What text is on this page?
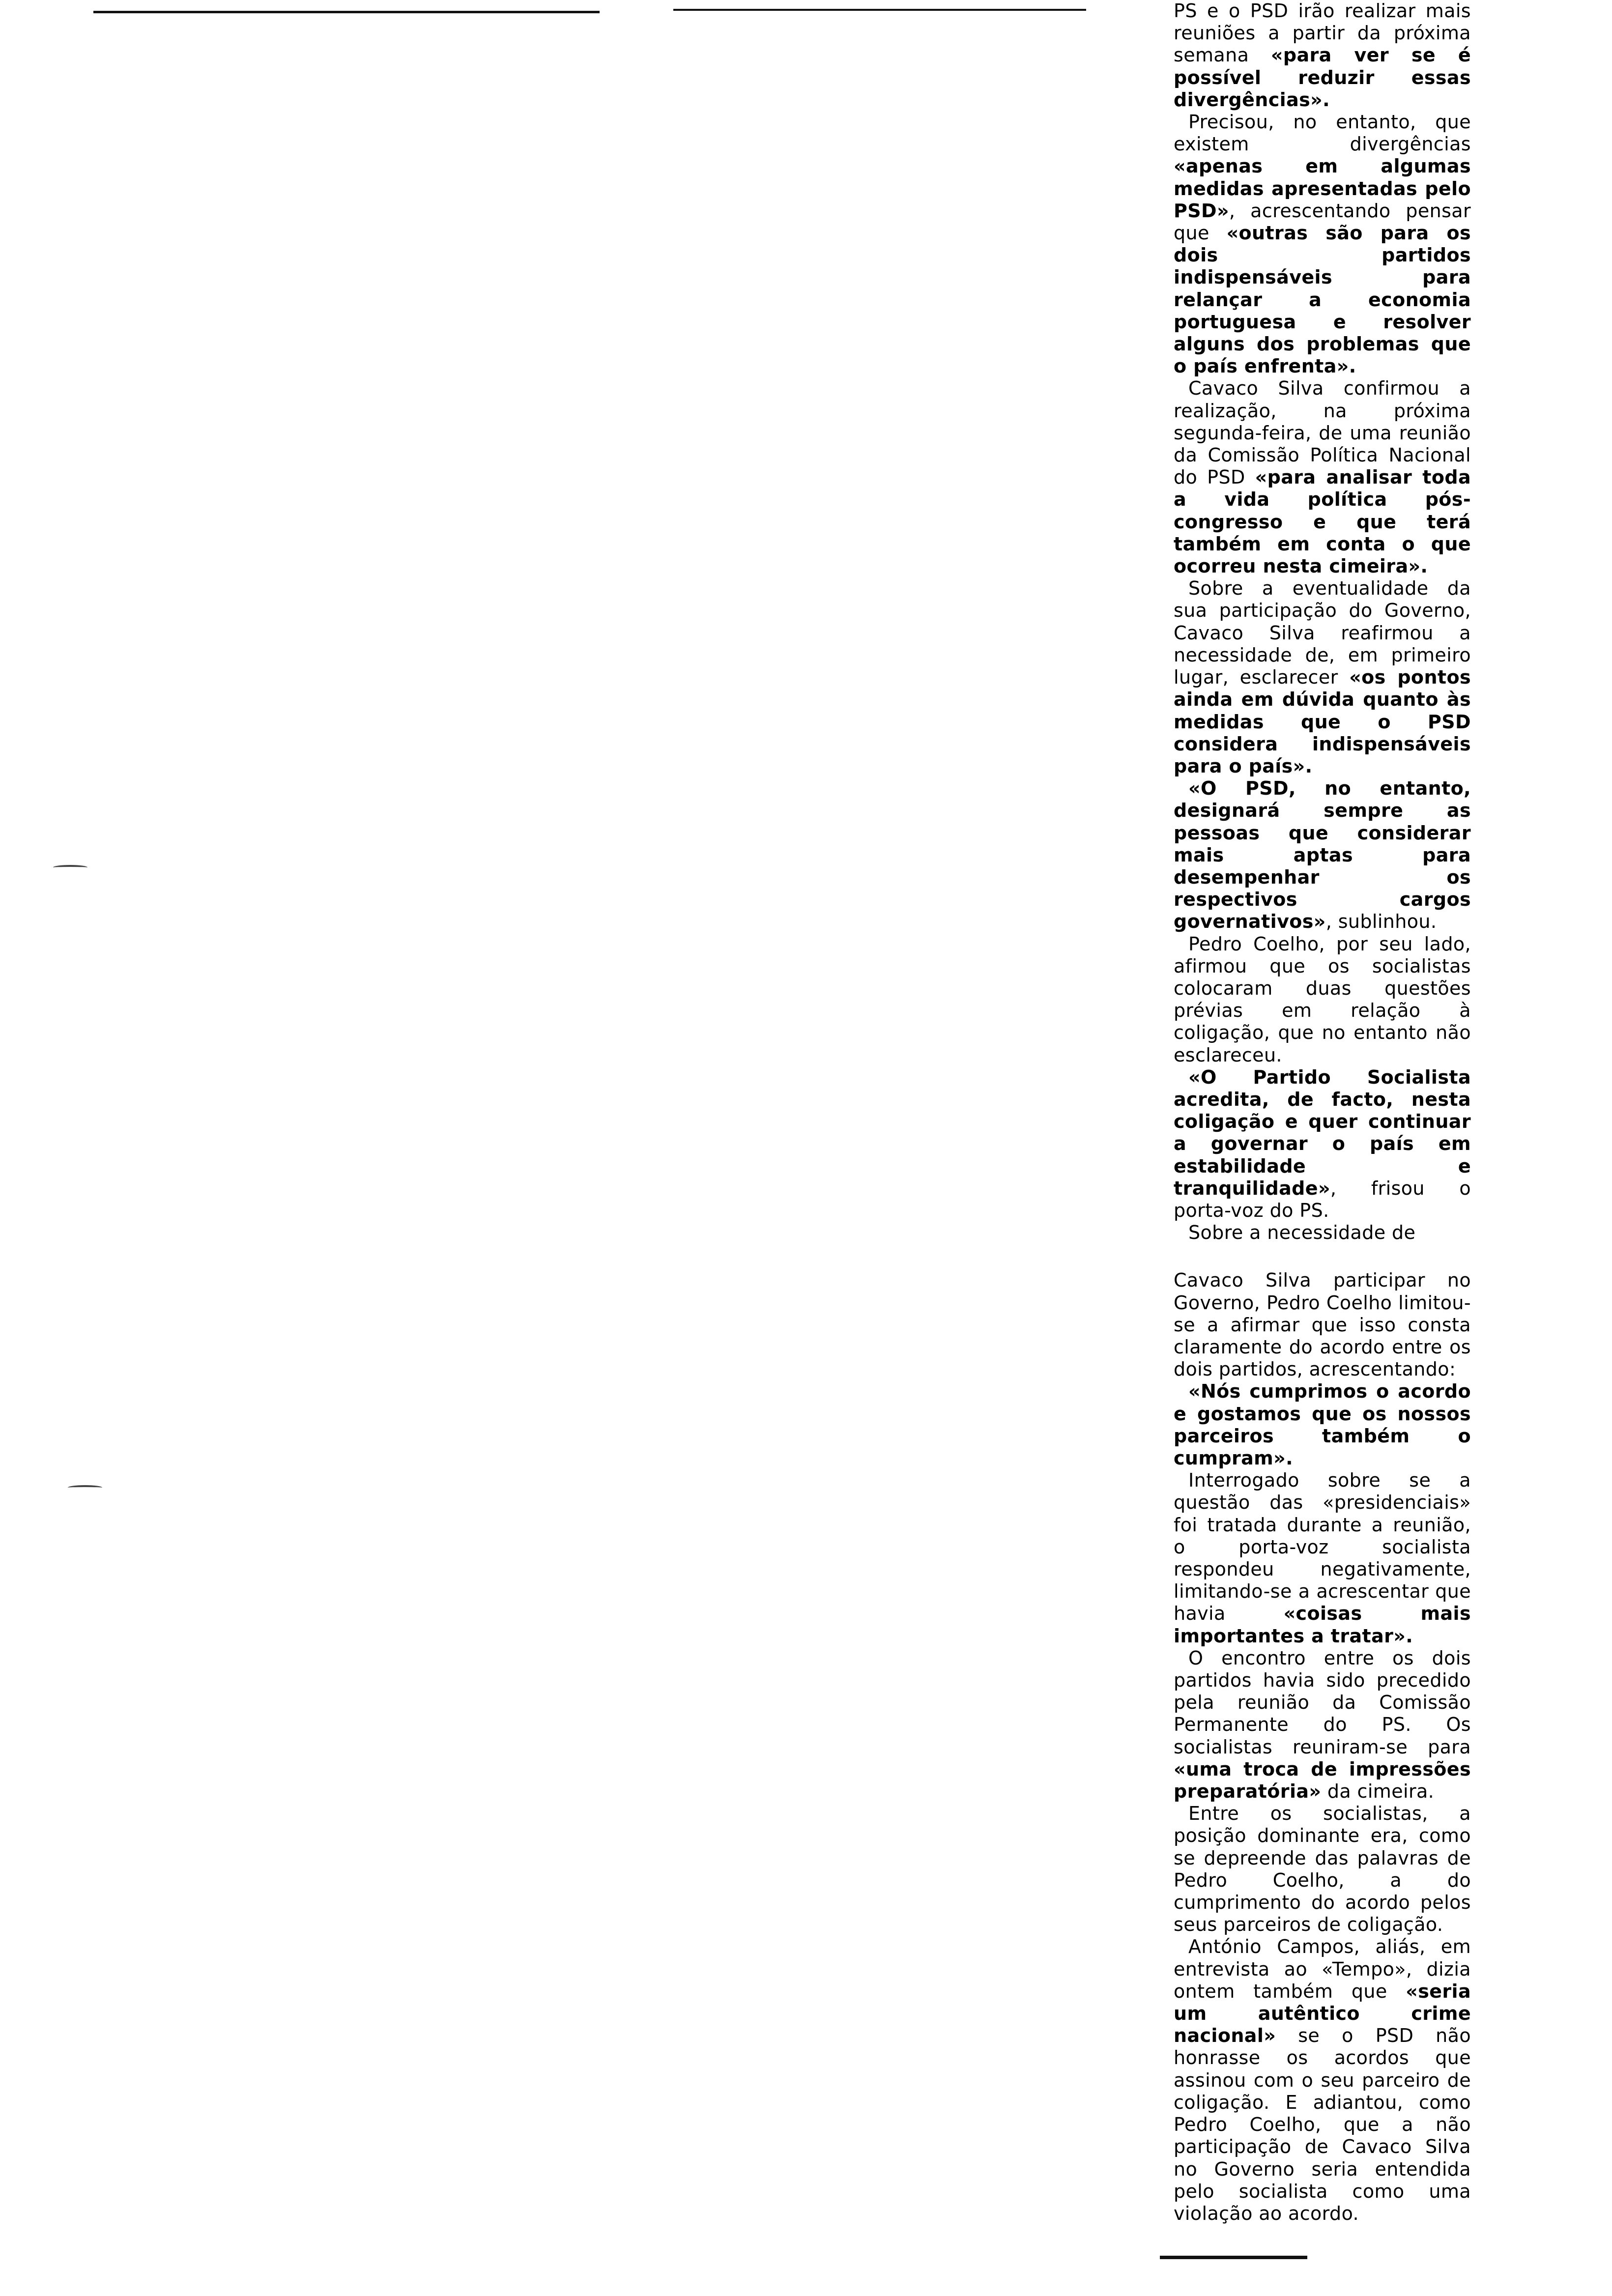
PS e o PSD irão realizar mais reuniões a partir da próxima semana «para ver se é possível reduzir essas divergências».

Precisou, no entanto, que existem divergências «apenas em algumas medidas apresentadas pelo PSD», acrescentando pensar que «outras são para os dois partidos indispensáveis para relançar a economia portuguesa e resolver alguns dos problemas que o país enfrenta».

Cavaco Silva confirmou a realização, na próxima segunda-feira, de uma reunião da Comissão Política Nacional do PSD «para analisar toda a vida política pós-congresso e que terá também em conta o que ocorreu nesta cimeira».

Sobre a eventualidade da sua participação do Governo, Cavaco Silva reafirmou a necessidade de, em primeiro lugar, esclarecer «os pontos ainda em dúvida quanto às medidas que o PSD considera indispensáveis para o país».

«O PSD, no entanto, designará sempre as pessoas que considerar mais aptas para desempenhar os respectivos cargos governativos», sublinhou.

Pedro Coelho, por seu lado, afirmou que os socialistas colocaram duas questões prévias em relação à coligação, que no entanto não esclareceu.

«O Partido Socialista acredita, de facto, nesta coligação e quer continuar a governar o país em estabilidade e tranquilidade», frisou o porta-voz do PS.

Sobre a necessidade de

Cavaco Silva participar no Governo, Pedro Coelho limitou-se a afirmar que isso consta claramente do acordo entre os dois partidos, acrescentando:

«Nós cumprimos o acordo e gostamos que os nossos parceiros também o cumpram».

Interrogado sobre se a questão das «presidenciais» foi tratada durante a reunião, o porta-voz socialista respondeu negativamente, limitando-se a acrescentar que havia «coisas mais importantes a tratar».

O encontro entre os dois partidos havia sido precedido pela reunião da Comissão Permanente do PS. Os socialistas reuniram-se para «uma troca de impressões preparatória» da cimeira.

Entre os socialistas, a posição dominante era, como se depreende das palavras de Pedro Coelho, a do cumprimento do acordo pelos seus parceiros de coligação.

António Campos, aliás, em entrevista ao «Tempo», dizia ontem também que «seria um autêntico crime nacional» se o PSD não honrasse os acordos que assinou com o seu parceiro de coligação. E adiantou, como Pedro Coelho, que a não participação de Cavaco Silva no Governo seria entendida pelo socialista como uma violação ao acordo.
